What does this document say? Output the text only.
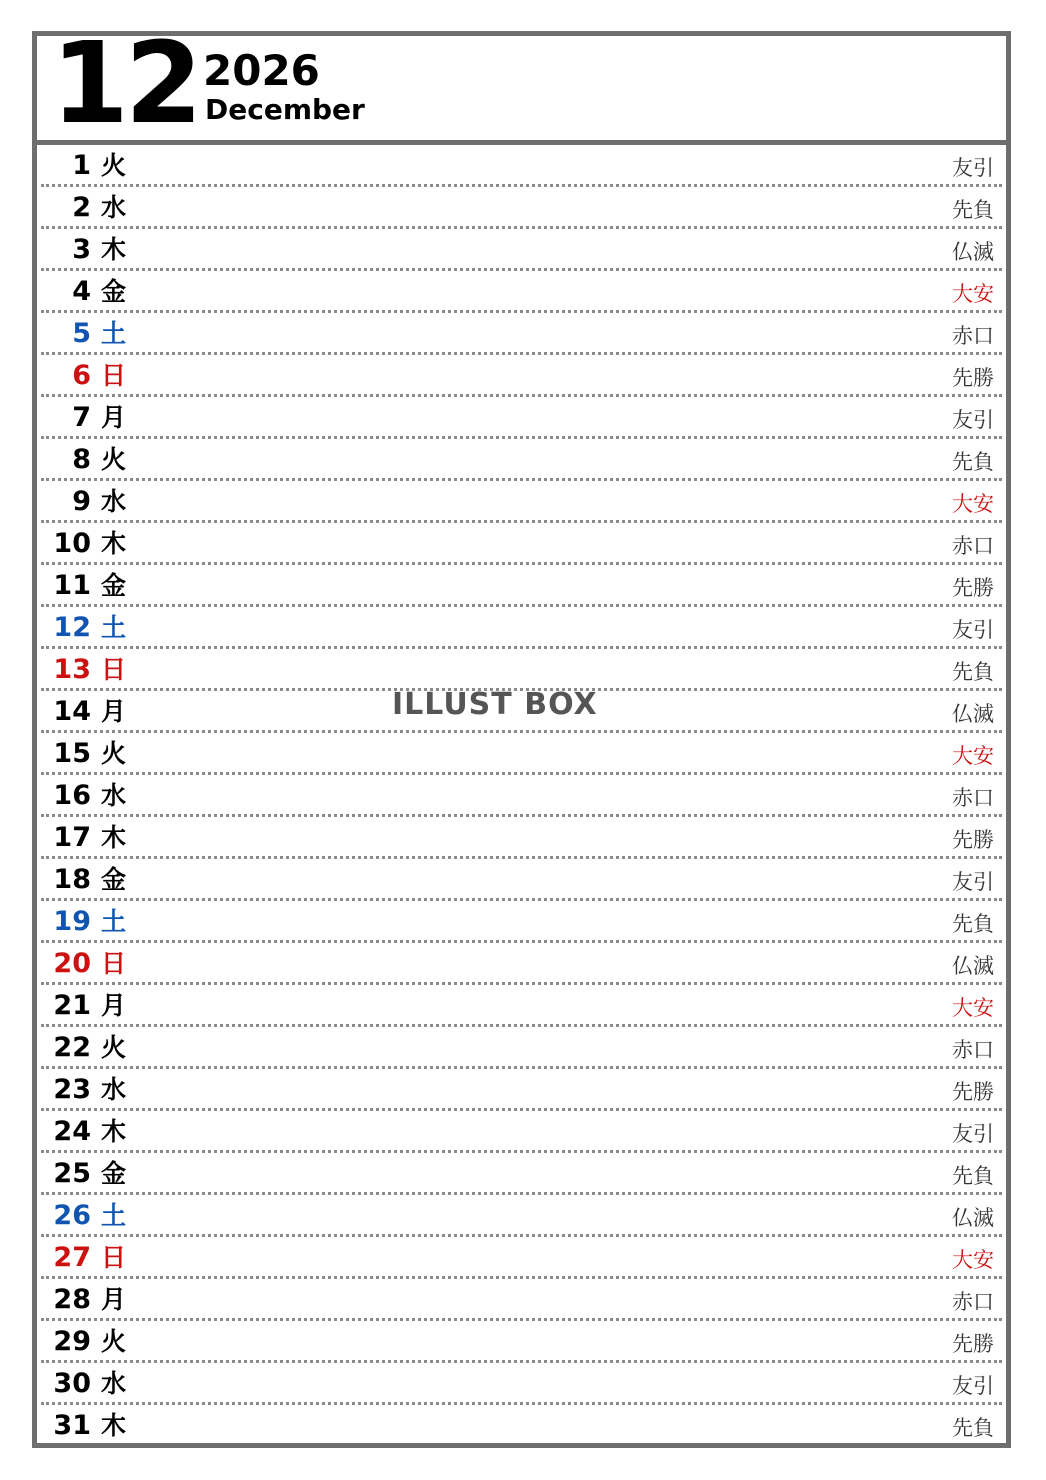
12 2026
December
1 火	友引
2 水	先負
3 木	仏滅
4 金	大安
5 土	赤口
6 日	先勝
7 月	友引
8 火	先負
9 水	大安
10 木	赤口
11 金	先勝
12 土	友引
13 日	先負
14 月	仏滅
15 火	大安
16 水	赤口
17 木	先勝
18 金	友引
19 土	先負
20 日	仏滅
21 月	大安
22 火	赤口
23 水	先勝
24 木	友引
25 金	先負
26 土	仏滅
27 日	大安
28 月	赤口
29 火	先勝
30 水	友引
31 木	先負
ILLUST BOX
